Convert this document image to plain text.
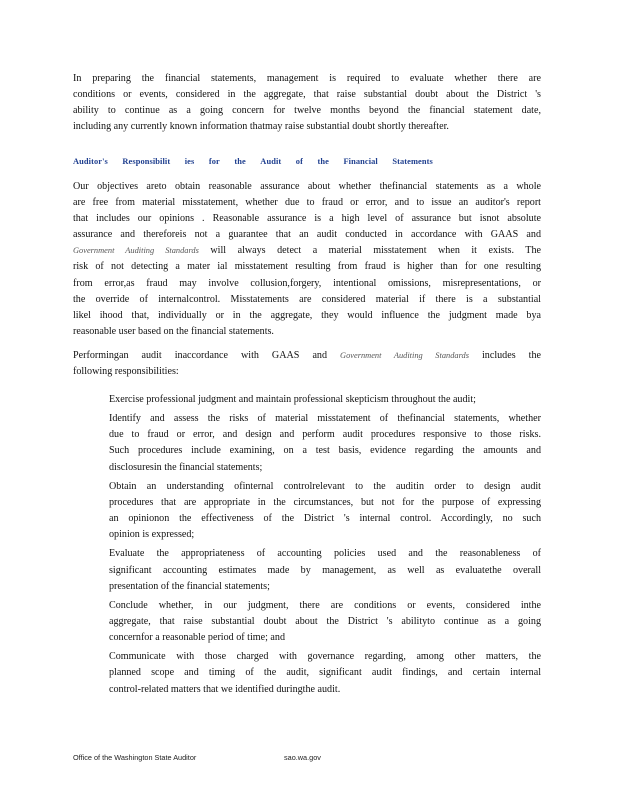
In preparing the financial statements, management is required to evaluate whether there are

conditions or events, considered in the aggregate, that raise substantial doubt about the District 's

ability to continue as a going concern for twelve months beyond the financial statement date,

including any currently known information thatmay raise substantial doubt shortly thereafter.

Auditor's Responsibilit ies for the Audit of the Financial Statements

Our objectives areto obtain reasonable assurance about whether thefinancial statements as a whole

are free from material misstatement, whether due to fraud or error, and to issue an auditor's report

that includes our opinions . Reasonable assurance is a high level of assurance but isnot absolute

assurance and thereforeis not a guarantee that an audit conducted in accordance with GAAS and

Government Auditing Standards will always detect a material misstatement when it exists. The

risk of not detecting a mater ial misstatement resulting from fraud is higher than for one resulting

from error,as fraud may involve collusion,forgery, intentional omissions, misrepresentations, or

the override of internalcontrol. Misstatements are considered material if there is a substantial

likel ihood that, individually or in the aggregate, they would influence the judgment made bya

reasonable user based on the financial statements.

Performingan audit inaccordance with GAAS and Government Auditing Standards includes the

following responsibilities:

Exercise professional judgment and maintain professional skepticism throughout the audit;

Identify and assess the risks of material misstatement of thefinancial statements, whether

due to fraud or error, and design and perform audit procedures responsive to those risks.

Such procedures include examining, on a test basis, evidence regarding the amounts and

disclosuresin the financial statements;

Obtain an understanding ofinternal controlrelevant to the auditin order to design audit

procedures that are appropriate in the circumstances, but not for the purpose of expressing

an opinionon the effectiveness of the District 's internal control. Accordingly, no such

opinion is expressed;

Evaluate the appropriateness of accounting policies used and the reasonableness of

significant accounting estimates made by management, as well as evaluatethe overall

presentation of the financial statements;

Conclude whether, in our judgment, there are conditions or events, considered inthe

aggregate, that raise substantial doubt about the District 's abilityto continue as a going

concernfor a reasonable period of time; and

Communicate with those charged with governance regarding, among other matters, the

planned scope and timing of the audit, significant audit findings, and certain internal

control-related matters that we identified duringthe audit.

Office of the Washington State Auditor	sao.wa.gov
